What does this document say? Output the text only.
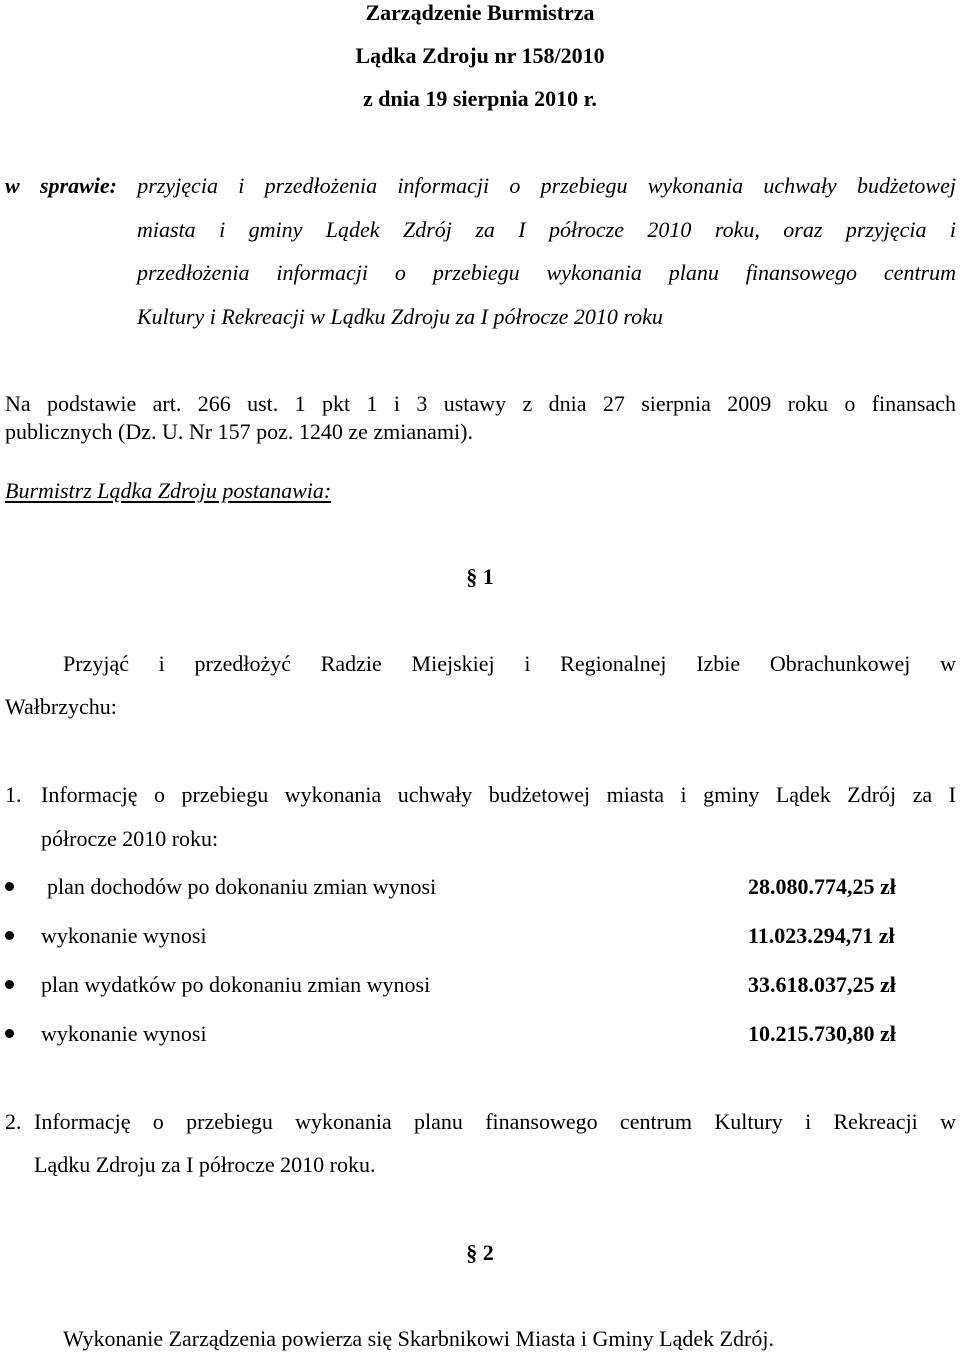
Zarządzenie Burmistrza
Lądka Zdroju nr 158/2010
z dnia 19 sierpnia 2010 r.
w sprawie: przyjęcia i przedłożenia informacji o przebiegu wykonania uchwały budżetowej
miasta i gminy Lądek Zdrój za I półrocze 2010 roku, oraz przyjęcia i
przedłożenia informacji o przebiegu wykonania planu finansowego centrum
Kultury i Rekreacji w Lądku Zdroju za I półrocze 2010 roku
Na podstawie art. 266 ust. 1 pkt 1 i 3 ustawy z dnia 27 sierpnia 2009 roku o finansach
publicznych (Dz. U. Nr 157 poz. 1240 ze zmianami).
Burmistrz Lądka Zdroju postanawia:
§ 1
Przyjąć i przedłożyć Radzie Miejskiej i Regionalnej Izbie Obrachunkowej w
Wałbrzychu:
1. Informację o przebiegu wykonania uchwały budżetowej miasta i gminy Lądek Zdrój za I
półrocze 2010 roku:
plan dochodów po dokonaniu zmian wynosi	28.080.774,25 zł
wykonanie wynosi	11.023.294,71 zł
plan wydatków po dokonaniu zmian wynosi	33.618.037,25 zł
wykonanie wynosi	10.215.730,80 zł
2. Informację o przebiegu wykonania planu finansowego centrum Kultury i Rekreacji w
Lądku Zdroju za I półrocze 2010 roku.
§ 2
Wykonanie Zarządzenia powierza się Skarbnikowi Miasta i Gminy Lądek Zdrój.
